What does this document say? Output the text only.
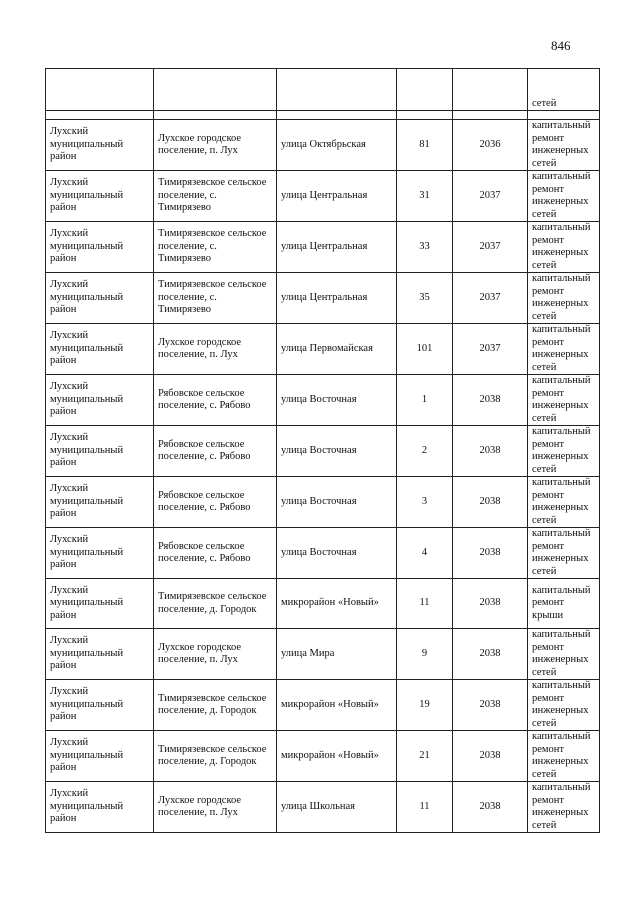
846
					сетей

Лухский муниципальный район	Лухское городское поселение, п. Лух	улица Октябрьская	81	2036	капитальный ремонт инженерных сетей
Лухский муниципальный район	Тимирязевское сельское поселение, с. Тимирязево	улица Центральная	31	2037	капитальный ремонт инженерных сетей
Лухский муниципальный район	Тимирязевское сельское поселение, с. Тимирязево	улица Центральная	33	2037	капитальный ремонт инженерных сетей
Лухский муниципальный район	Тимирязевское сельское поселение, с. Тимирязево	улица Центральная	35	2037	капитальный ремонт инженерных сетей
Лухский муниципальный район	Лухское городское поселение, п. Лух	улица Первомайская	101	2037	капитальный ремонт инженерных сетей
Лухский муниципальный район	Рябовское сельское поселение, с. Рябово	улица Восточная	1	2038	капитальный ремонт инженерных сетей
Лухский муниципальный район	Рябовское сельское поселение, с. Рябово	улица Восточная	2	2038	капитальный ремонт инженерных сетей
Лухский муниципальный район	Рябовское сельское поселение, с. Рябово	улица Восточная	3	2038	капитальный ремонт инженерных сетей
Лухский муниципальный район	Рябовское сельское поселение, с. Рябово	улица Восточная	4	2038	капитальный ремонт инженерных сетей
Лухский муниципальный район	Тимирязевское сельское поселение, д. Городок	микрорайон «Новый»	11	2038	капитальный ремонт крыши
Лухский муниципальный район	Лухское городское поселение, п. Лух	улица Мира	9	2038	капитальный ремонт инженерных сетей
Лухский муниципальный район	Тимирязевское сельское поселение, д. Городок	микрорайон «Новый»	19	2038	капитальный ремонт инженерных сетей
Лухский муниципальный район	Тимирязевское сельское поселение, д. Городок	микрорайон «Новый»	21	2038	капитальный ремонт инженерных сетей
Лухский муниципальный район	Лухское городское поселение, п. Лух	улица Школьная	11	2038	капитальный ремонт инженерных сетей
